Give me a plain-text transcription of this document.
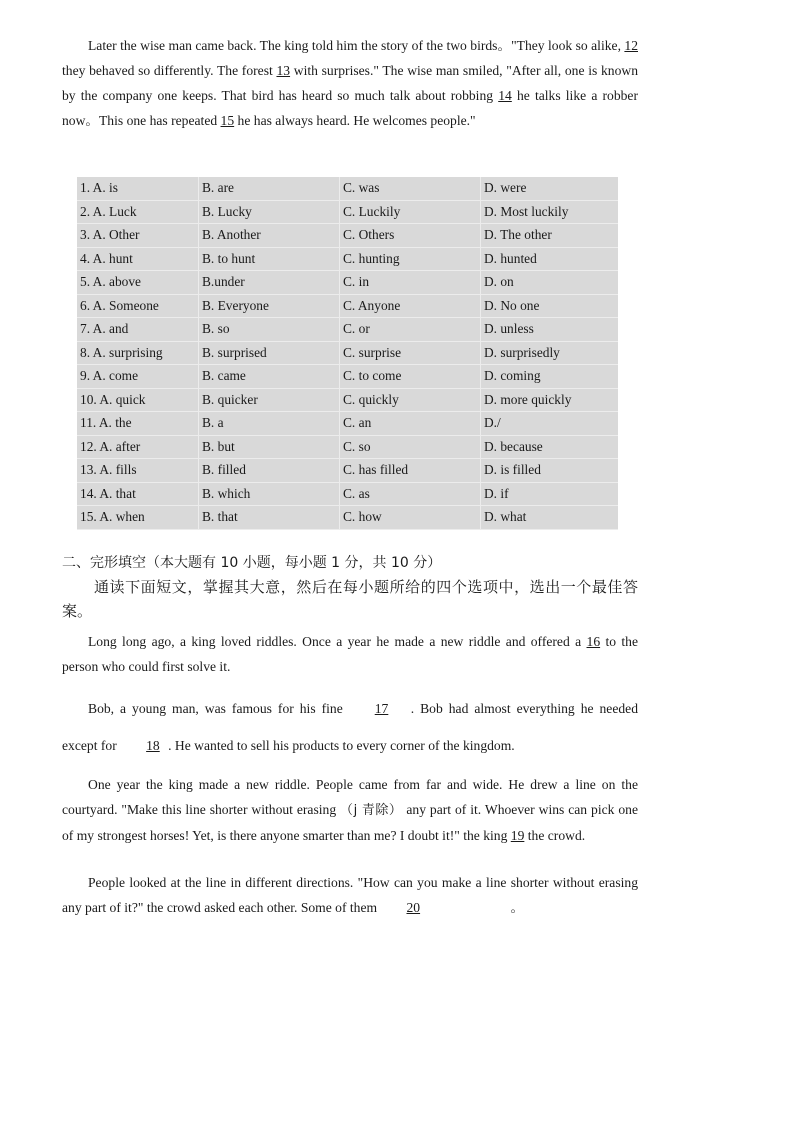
Later the wise man came back. The king told him the story of the two birds。"They look so alike, 12 they behaved so differently. The forest 13 with surprises." The wise man smiled, "After all, one is known by the company one keeps. That bird has heard so much talk about robbing 14 he talks like a robber now。This one has repeated 15 he has always heard. He welcomes people."

1. A. is	B. are	C. was	D. were
2. A. Luck	B. Lucky	C. Luckily	D. Most luckily
3. A. Other	B. Another	C. Others	D. The other
4. A. hunt	B. to hunt	C. hunting	D. hunted
5. A. above	B.under	C. in	D. on
6. A. Someone	B. Everyone	C. Anyone	D. No one
7. A. and	B. so	C. or	D. unless
8. A. surprising	B. surprised	C. surprise	D. surprisedly
9. A. come	B. came	C. to come	D. coming
10. A. quick	B. quicker	C. quickly	D. more quickly
11. A. the	B. a	C. an	D./
12. A. after	B. but	C. so	D. because
13. A. fills	B. filled	C. has filled	D. is filled
14. A. that	B. which	C. as	D. if
15. A. when	B. that	C. how	D. what

二、完形填空（本大题有 10 小题，每小题 1 分，共 10 分）

通读下面短文，掌握其大意，然后在每小题所给的四个选项中，选出一个最佳答案。

Long long ago, a king loved riddles. Once a year he made a new riddle and offered a 16 to the person who could first solve it.

Bob, a young man, was famous for his fine 17 . Bob had almost everything he needed except for 18 . He wanted to sell his products to every corner of the kingdom.

One year the king made a new riddle. People came from far and wide. He drew a line on the courtyard. "Make this line shorter without erasing （j 青除） any part of it. Whoever wins can pick one of my strongest horses! Yet, is there anyone smarter than me? I doubt it!" the king 19 the crowd.

People looked at the line in different directions. "How can you make a line shorter without erasing any part of it?" the crowd asked each other. Some of them 20	。
